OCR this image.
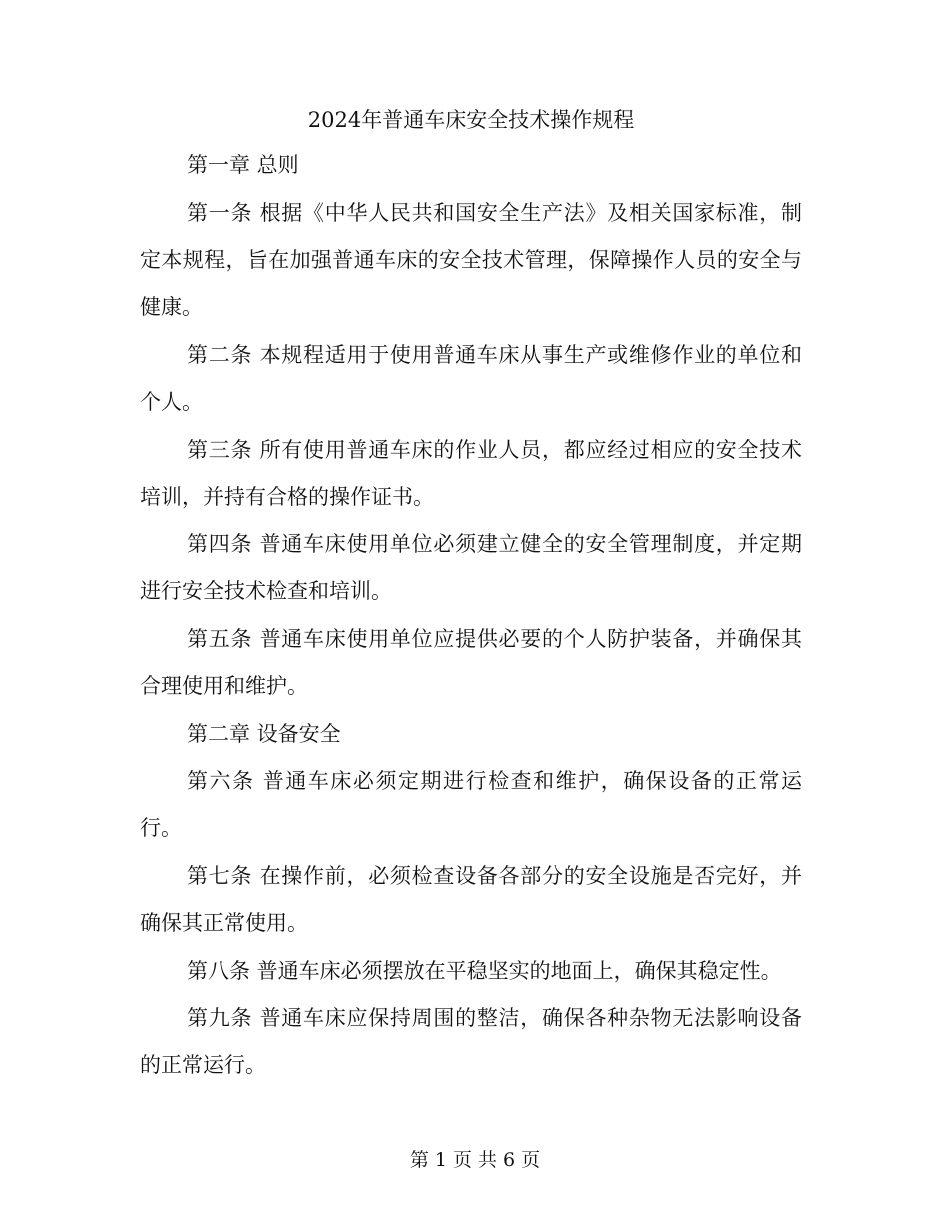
2024年普通车床安全技术操作规程
第一章 总则
第一条 根据《中华人民共和国安全生产法》及相关国家标准，制定本规程，旨在加强普通车床的安全技术管理，保障操作人员的安全与健康。
第二条 本规程适用于使用普通车床从事生产或维修作业的单位和个人。
第三条 所有使用普通车床的作业人员，都应经过相应的安全技术培训，并持有合格的操作证书。
第四条 普通车床使用单位必须建立健全的安全管理制度，并定期进行安全技术检查和培训。
第五条 普通车床使用单位应提供必要的个人防护装备，并确保其合理使用和维护。
第二章 设备安全
第六条 普通车床必须定期进行检查和维护，确保设备的正常运行。
第七条 在操作前，必须检查设备各部分的安全设施是否完好，并确保其正常使用。
第八条 普通车床必须摆放在平稳坚实的地面上，确保其稳定性。
第九条 普通车床应保持周围的整洁，确保各种杂物无法影响设备的正常运行。
第 1 页 共 6 页
